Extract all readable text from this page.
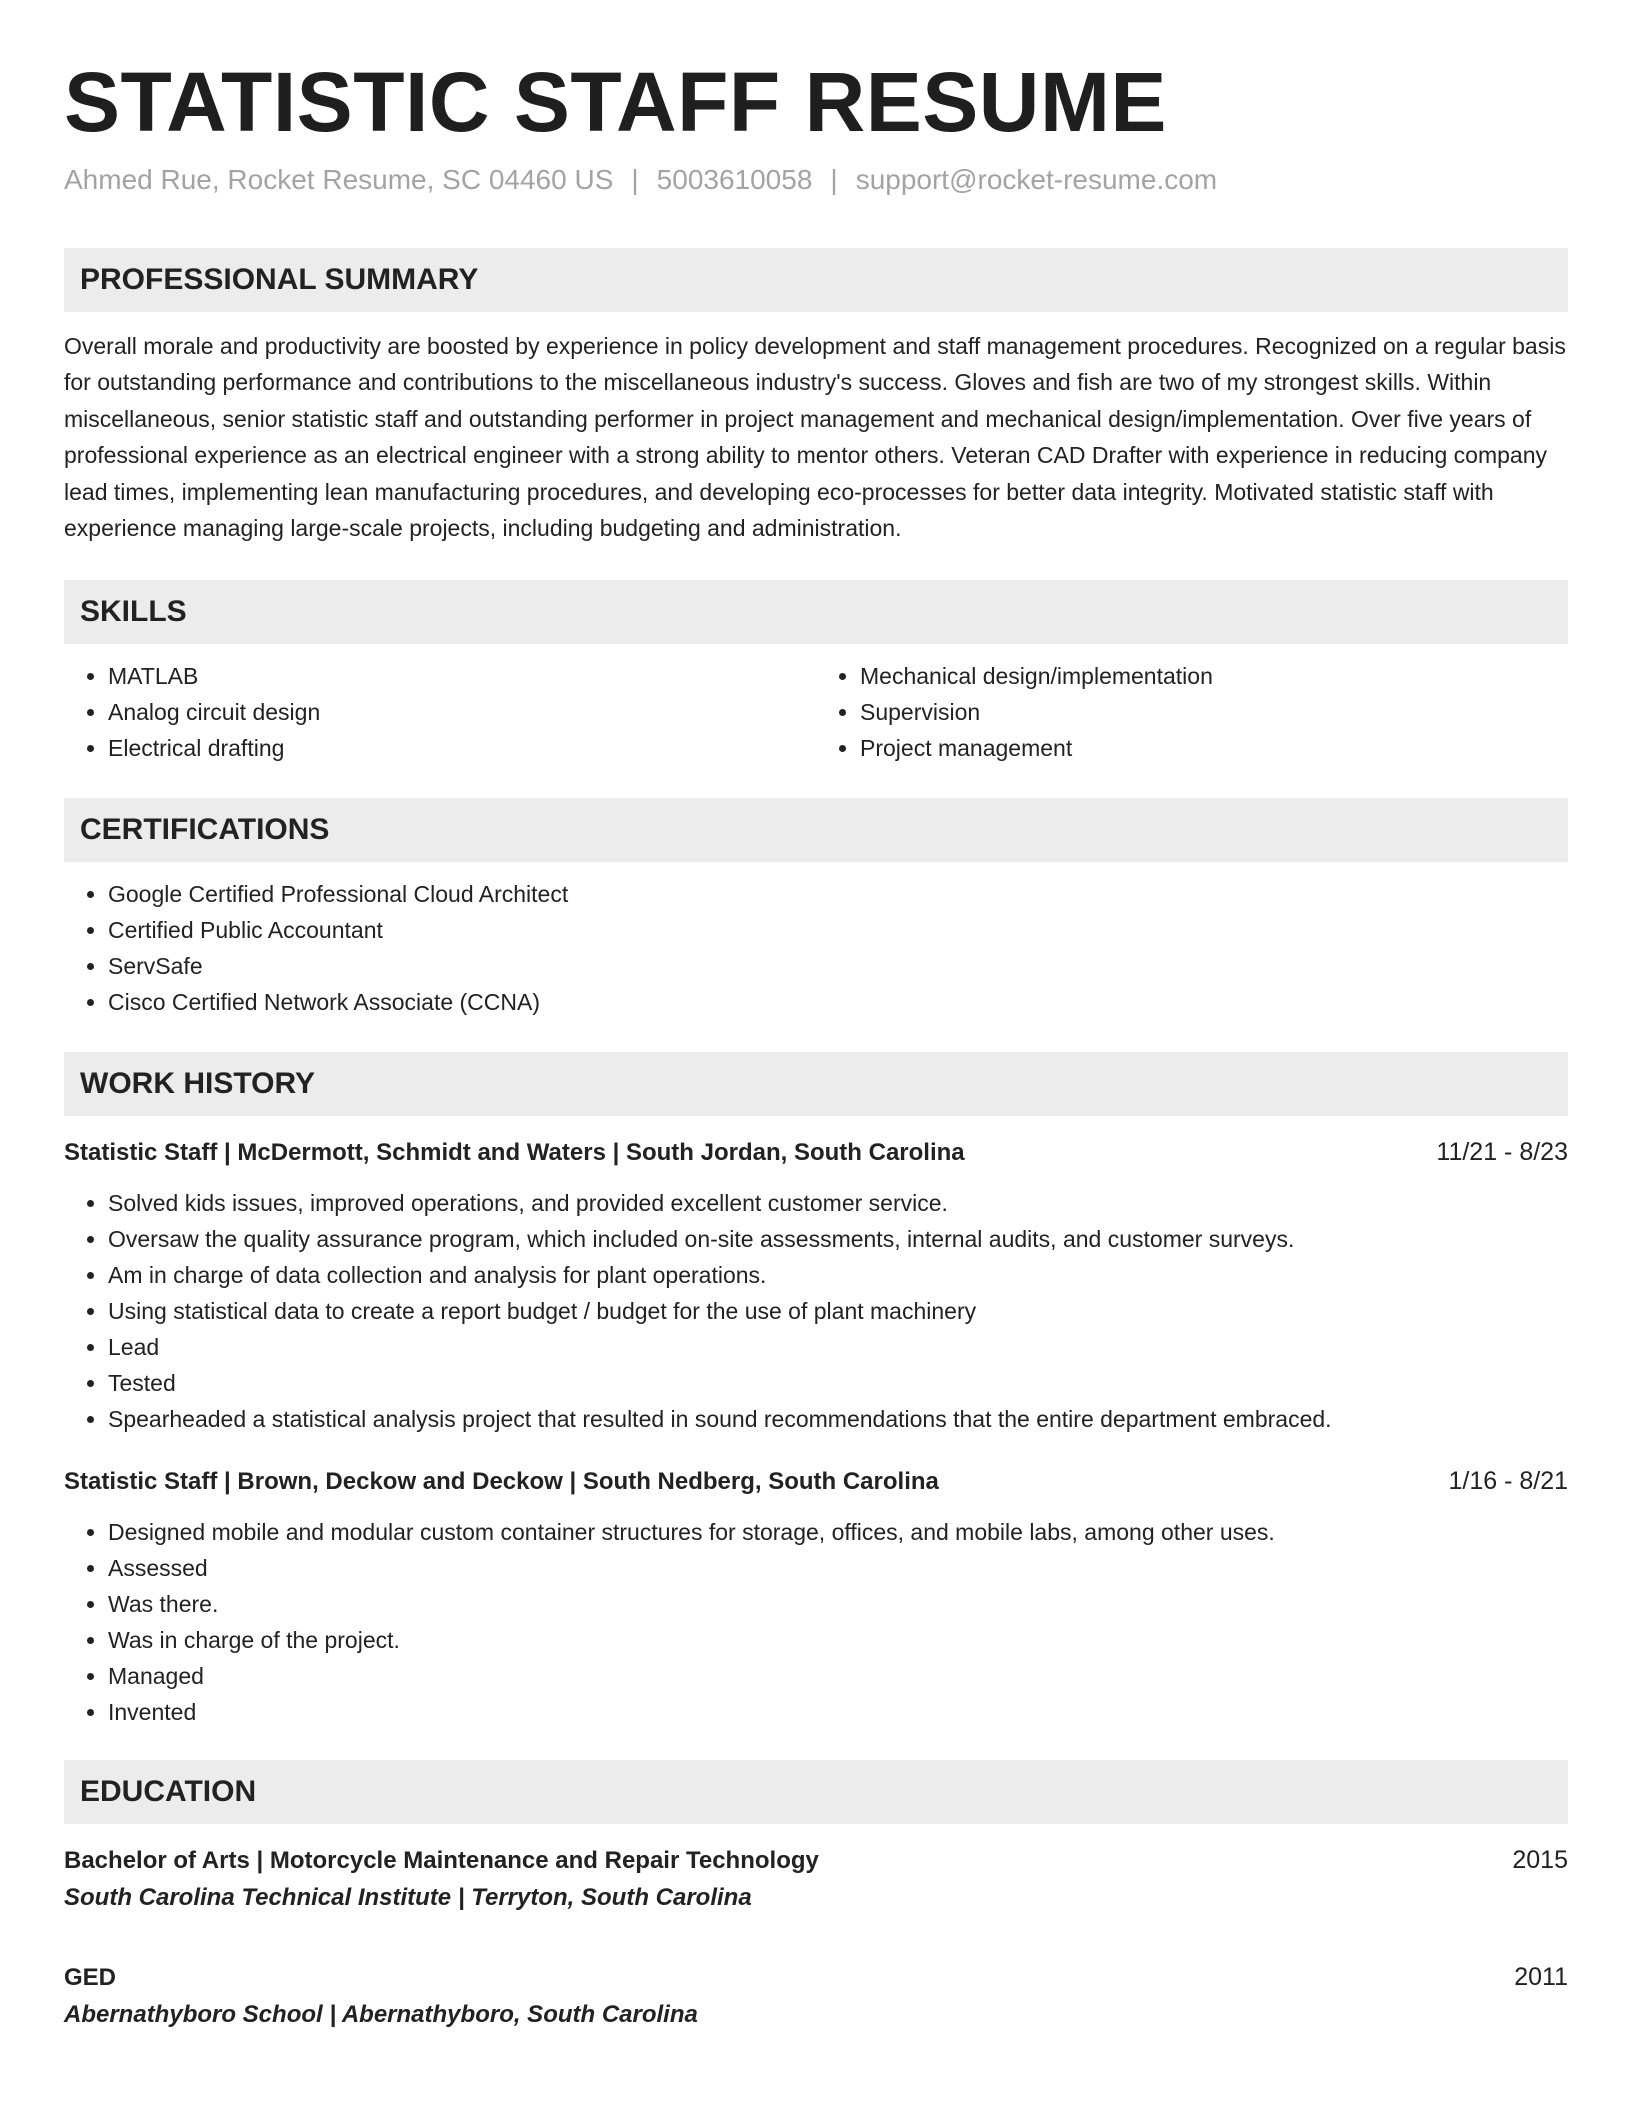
STATISTIC STAFF RESUME
Ahmed Rue, Rocket Resume, SC 04460 US | 5003610058 | support@rocket-resume.com
PROFESSIONAL SUMMARY

Overall morale and productivity are boosted by experience in policy development and staff management procedures. Recognized on a regular basis for outstanding performance and contributions to the miscellaneous industry's success. Gloves and fish are two of my strongest skills. Within miscellaneous, senior statistic staff and outstanding performer in project management and mechanical design/implementation. Over five years of professional experience as an electrical engineer with a strong ability to mentor others. Veteran CAD Drafter with experience in reducing company lead times, implementing lean manufacturing procedures, and developing eco-processes for better data integrity. Motivated statistic staff with experience managing large-scale projects, including budgeting and administration.

SKILLS
• MATLAB
• Analog circuit design
• Electrical drafting
• Mechanical design/implementation
• Supervision
• Project management
CERTIFICATIONS
• Google Certified Professional Cloud Architect
• Certified Public Accountant
• ServSafe
• Cisco Certified Network Associate (CCNA)
WORK HISTORY
Statistic Staff | McDermott, Schmidt and Waters | South Jordan, South Carolina	11/21 - 8/23
• Solved kids issues, improved operations, and provided excellent customer service.
• Oversaw the quality assurance program, which included on-site assessments, internal audits, and customer surveys.
• Am in charge of data collection and analysis for plant operations.
• Using statistical data to create a report budget / budget for the use of plant machinery
• Lead
• Tested
• Spearheaded a statistical analysis project that resulted in sound recommendations that the entire department embraced.
Statistic Staff | Brown, Deckow and Deckow | South Nedberg, South Carolina	1/16 - 8/21
• Designed mobile and modular custom container structures for storage, offices, and mobile labs, among other uses.
• Assessed
• Was there.
• Was in charge of the project.
• Managed
• Invented
EDUCATION
Bachelor of Arts | Motorcycle Maintenance and Repair Technology	2015
South Carolina Technical Institute | Terryton, South Carolina
GED	2011
Abernathyboro School | Abernathyboro, South Carolina
